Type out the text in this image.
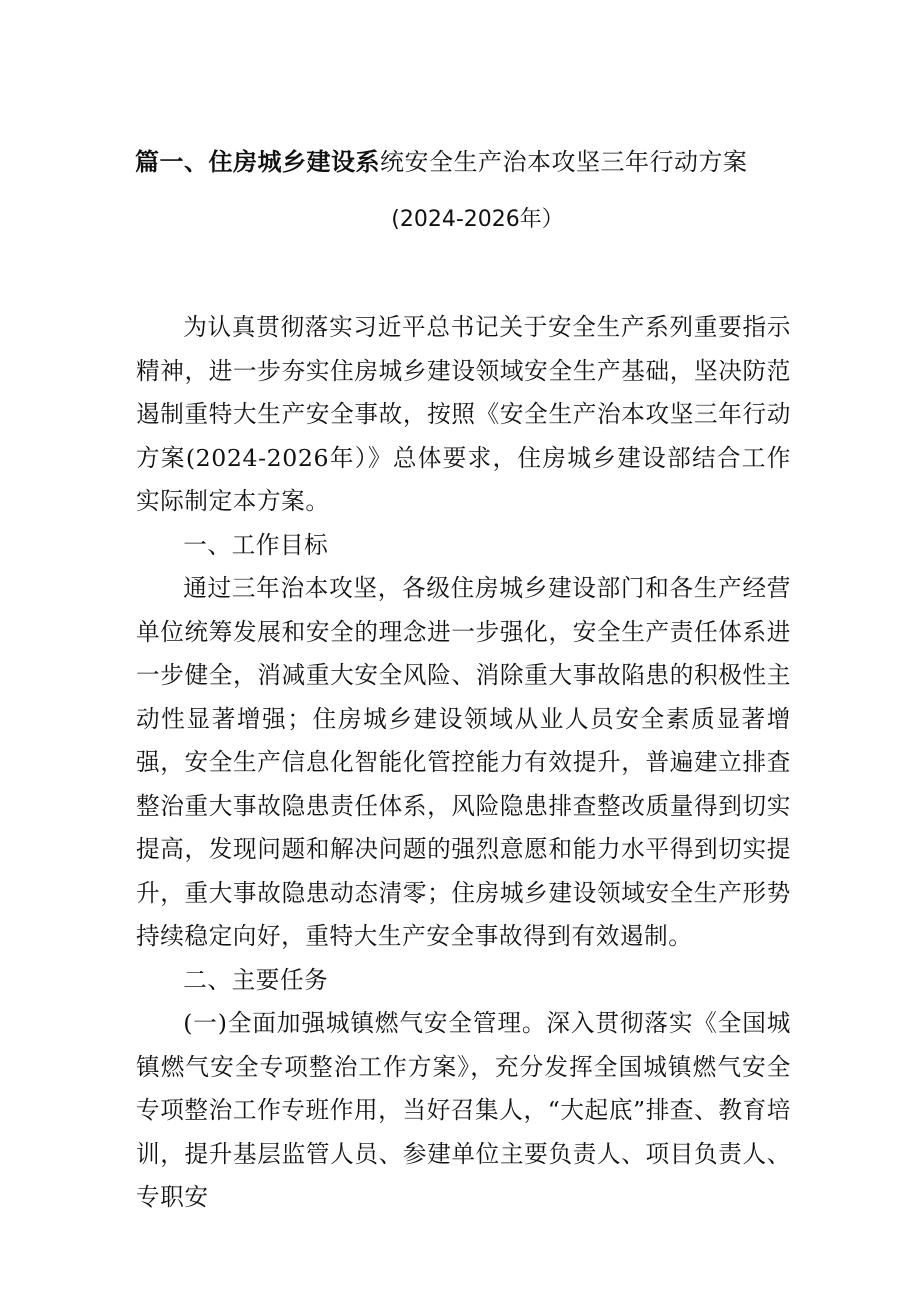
篇一、住房城乡建设系统安全生产治本攻坚三年行动方案
(2024-2026年）

为认真贯彻落实习近平总书记关于安全生产系列重要指示精神，进一步夯实住房城乡建设领域安全生产基础，坚决防范遏制重特大生产安全事故，按照《安全生产治本攻坚三年行动方案(2024-2026年）》总体要求，住房城乡建设部结合工作实际制定本方案。

一、工作目标

通过三年治本攻坚，各级住房城乡建设部门和各生产经营单位统筹发展和安全的理念进一步强化，安全生产责任体系进一步健全，消减重大安全风险、消除重大事故陷患的积极性主动性显著增强；住房城乡建设领域从业人员安全素质显著增强，安全生产信息化智能化管控能力有效提升，普遍建立排査整治重大事故隐患责任体系，风险隐患排查整改质量得到切实提高，发现问题和解决问题的强烈意愿和能力水平得到切实提升，重大事故隐患动态清零；住房城乡建设领域安全生产形势持续稳定向好，重特大生产安全事故得到有效遏制。

二、主要任务

(一)全面加强城镇燃气安全管理。深入贯彻落实《全国城镇燃气安全专项整治工作方案》，充分发挥全国城镇燃气安全专项整治工作专班作用，当好召集人，“大起底”排查、教育培训，提升基层监管人员、参建单位主要负责人、项目负责人、专职安
